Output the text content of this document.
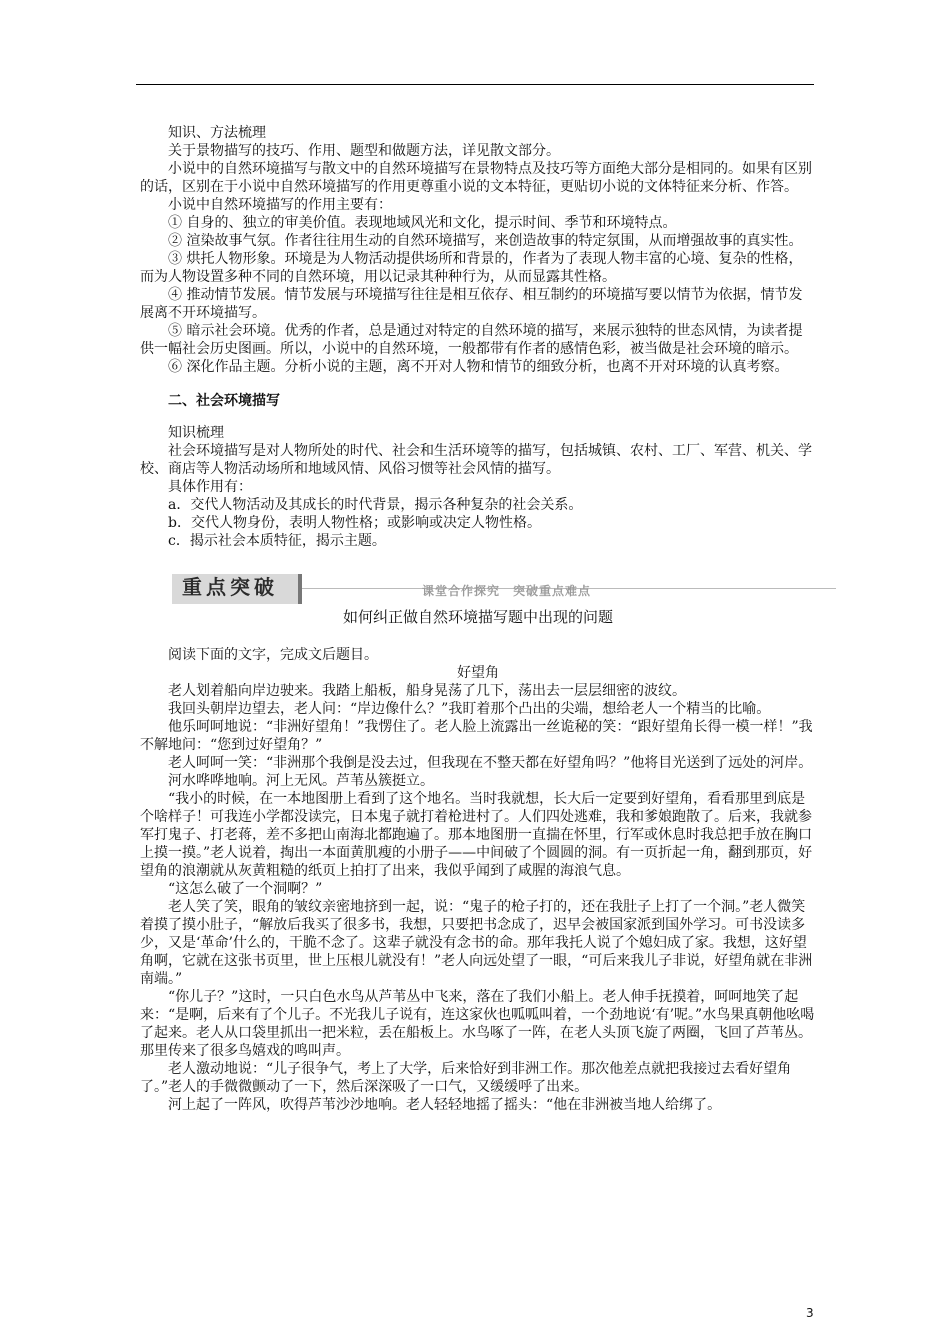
知识、方法梳理

关于景物描写的技巧、作用、题型和做题方法，详见散文部分。

小说中的自然环境描写与散文中的自然环境描写在景物特点及技巧等方面绝大部分是相同的。如果有区别的话，区别在于小说中自然环境描写的作用更尊重小说的文本特征，更贴切小说的文体特征来分析、作答。

小说中自然环境描写的作用主要有：

① 自身的、独立的审美价值。表现地域风光和文化，提示时间、季节和环境特点。

② 渲染故事气氛。作者往往用生动的自然环境描写，来创造故事的特定氛围，从而增强故事的真实性。

③ 烘托人物形象。环境是为人物活动提供场所和背景的，作者为了表现人物丰富的心境、复杂的性格，而为人物设置多种不同的自然环境，用以记录其种种行为，从而显露其性格。

④ 推动情节发展。情节发展与环境描写往往是相互依存、相互制约的环境描写要以情节为依据，情节发展离不开环境描写。

⑤ 暗示社会环境。优秀的作者，总是通过对特定的自然环境的描写，来展示独特的世态风情，为读者提供一幅社会历史图画。所以，小说中的自然环境，一般都带有作者的感情色彩，被当做是社会环境的暗示。

⑥ 深化作品主题。分析小说的主题，离不开对人物和情节的细致分析，也离不开对环境的认真考察。

二、社会环境描写

知识梳理

社会环境描写是对人物所处的时代、社会和生活环境等的描写，包括城镇、农村、工厂、军营、机关、学校、商店等人物活动场所和地域风情、风俗习惯等社会风情的描写。

具体作用有：

a．交代人物活动及其成长的时代背景，揭示各种复杂的社会关系。

b．交代人物身份，表明人物性格；或影响或决定人物性格。

c．揭示社会本质特征，揭示主题。

重点突破	课堂合作探究　突破重点难点

如何纠正做自然环境描写题中出现的问题

阅读下面的文字，完成文后题目。

好望角

老人划着船向岸边驶来。我踏上船板，船身晃荡了几下，荡出去一层层细密的波纹。

我回头朝岸边望去，老人问：“岸边像什么？”我盯着那个凸出的尖端，想给老人一个精当的比喻。

他乐呵呵地说：“非洲好望角！”我愣住了。老人脸上流露出一丝诡秘的笑：“跟好望角长得一模一样！”我不解地问：“您到过好望角？”

老人呵呵一笑：“非洲那个我倒是没去过，但我现在不整天都在好望角吗？”他将目光送到了远处的河岸。

河水哗哗地响。河上无风。芦苇丛簇挺立。

“我小的时候，在一本地图册上看到了这个地名。当时我就想，长大后一定要到好望角，看看那里到底是个啥样子！可我连小学都没读完，日本鬼子就打着枪进村了。人们四处逃难，我和爹娘跑散了。后来，我就参军打鬼子、打老蒋，差不多把山南海北都跑遍了。那本地图册一直揣在怀里，行军或休息时我总把手放在胸口上摸一摸。”老人说着，掏出一本面黄肌瘦的小册子——中间破了个圆圆的洞。有一页折起一角，翻到那页，好望角的浪潮就从灰黄粗糙的纸页上拍打了出来，我似乎闻到了咸腥的海浪气息。

“这怎么破了一个洞啊？”

老人笑了笑，眼角的皱纹亲密地挤到一起，说：“鬼子的枪子打的，还在我肚子上打了一个洞。”老人微笑着摸了摸小肚子，“解放后我买了很多书，我想，只要把书念成了，迟早会被国家派到国外学习。可书没读多少，又是‘革命’什么的，干脆不念了。这辈子就没有念书的命。那年我托人说了个媳妇成了家。我想，这好望角啊，它就在这张书页里，世上压根儿就没有！”老人向远处望了一眼，“可后来我儿子非说，好望角就在非洲南端。”

“你儿子？”这时，一只白色水鸟从芦苇丛中飞来，落在了我们小船上。老人伸手抚摸着，呵呵地笑了起来：“是啊，后来有了个儿子。不光我儿子说有，连这家伙也呱呱叫着，一个劲地说‘有’呢。”水鸟果真朝他吆喝了起来。老人从口袋里抓出一把米粒，丢在船板上。水鸟啄了一阵，在老人头顶飞旋了两圈，飞回了芦苇丛。那里传来了很多鸟嬉戏的鸣叫声。

老人激动地说：“儿子很争气，考上了大学，后来恰好到非洲工作。那次他差点就把我接过去看好望角了。”老人的手微微颤动了一下，然后深深吸了一口气，又缓缓呼了出来。

河上起了一阵风，吹得芦苇沙沙地响。老人轻轻地摇了摇头：“他在非洲被当地人给绑了。

3
